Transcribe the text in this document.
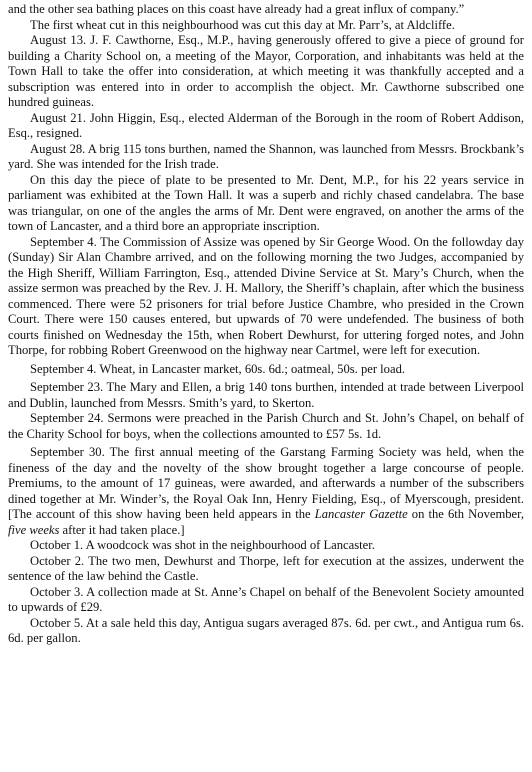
and the other sea bathing places on this coast have already had a great influx of company.”

The first wheat cut in this neighbourhood was cut this day at Mr. Parr’s, at Aldcliffe.

August 13. J. F. Cawthorne, Esq., M.P., having generously offered to give a piece of ground for building a Charity School on, a meeting of the Mayor, Corporation, and inhabitants was held at the Town Hall to take the offer into consideration, at which meeting it was thankfully accepted and a subscription was entered into in order to accomplish the object. Mr. Cawthorne subscribed one hundred guineas.

August 21. John Higgin, Esq., elected Alderman of the Borough in the room of Robert Addison, Esq., resigned.

August 28. A brig 115 tons burthen, named the Shannon, was launched from Messrs. Brockbank’s yard. She was intended for the Irish trade.

On this day the piece of plate to be presented to Mr. Dent, M.P., for his 22 years service in parliament was exhibited at the Town Hall. It was a superb and richly chased candelabra. The base was triangular, on one of the angles the arms of Mr. Dent were engraved, on another the arms of the town of Lancaster, and a third bore an appropriate inscription.

September 4. The Commission of Assize was opened by Sir George Wood. On the followday day (Sunday) Sir Alan Chambre arrived, and on the following morning the two Judges, accompanied by the High Sheriff, William Farrington, Esq., attended Divine Service at St. Mary’s Church, when the assize sermon was preached by the Rev. J. H. Mallory, the Sheriff’s chaplain, after which the business commenced. There were 52 prisoners for trial before Justice Chambre, who presided in the Crown Court. There were 150 causes entered, but upwards of 70 were undefended. The business of both courts finished on Wednesday the 15th, when Robert Dewhurst, for uttering forged notes, and John Thorpe, for robbing Robert Greenwood on the highway near Cartmel, were left for execution.

September 4. Wheat, in Lancaster market, 60s. 6d.; oatmeal, 50s. per load.

September 23. The Mary and Ellen, a brig 140 tons burthen, intended at trade between Liverpool and Dublin, launched from Messrs. Smith’s yard, to Skerton.

September 24. Sermons were preached in the Parish Church and St. John’s Chapel, on behalf of the Charity School for boys, when the collections amounted to £57 5s. 1d.

September 30. The first annual meeting of the Garstang Farming Society was held, when the fineness of the day and the novelty of the show brought together a large concourse of people. Premiums, to the amount of 17 guineas, were awarded, and afterwards a number of the subscribers dined together at Mr. Winder’s, the Royal Oak Inn, Henry Fielding, Esq., of Myerscough, president. [The account of this show having been held appears in the Lancaster Gazette on the 6th November, five weeks after it had taken place.]

October 1. A woodcock was shot in the neighbourhood of Lancaster.

October 2. The two men, Dewhurst and Thorpe, left for execution at the assizes, underwent the sentence of the law behind the Castle.

October 3. A collection made at St. Anne’s Chapel on behalf of the Benevolent Society amounted to upwards of £29.

October 5. At a sale held this day, Antigua sugars averaged 87s. 6d. per cwt., and Antigua rum 6s. 6d. per gallon.
